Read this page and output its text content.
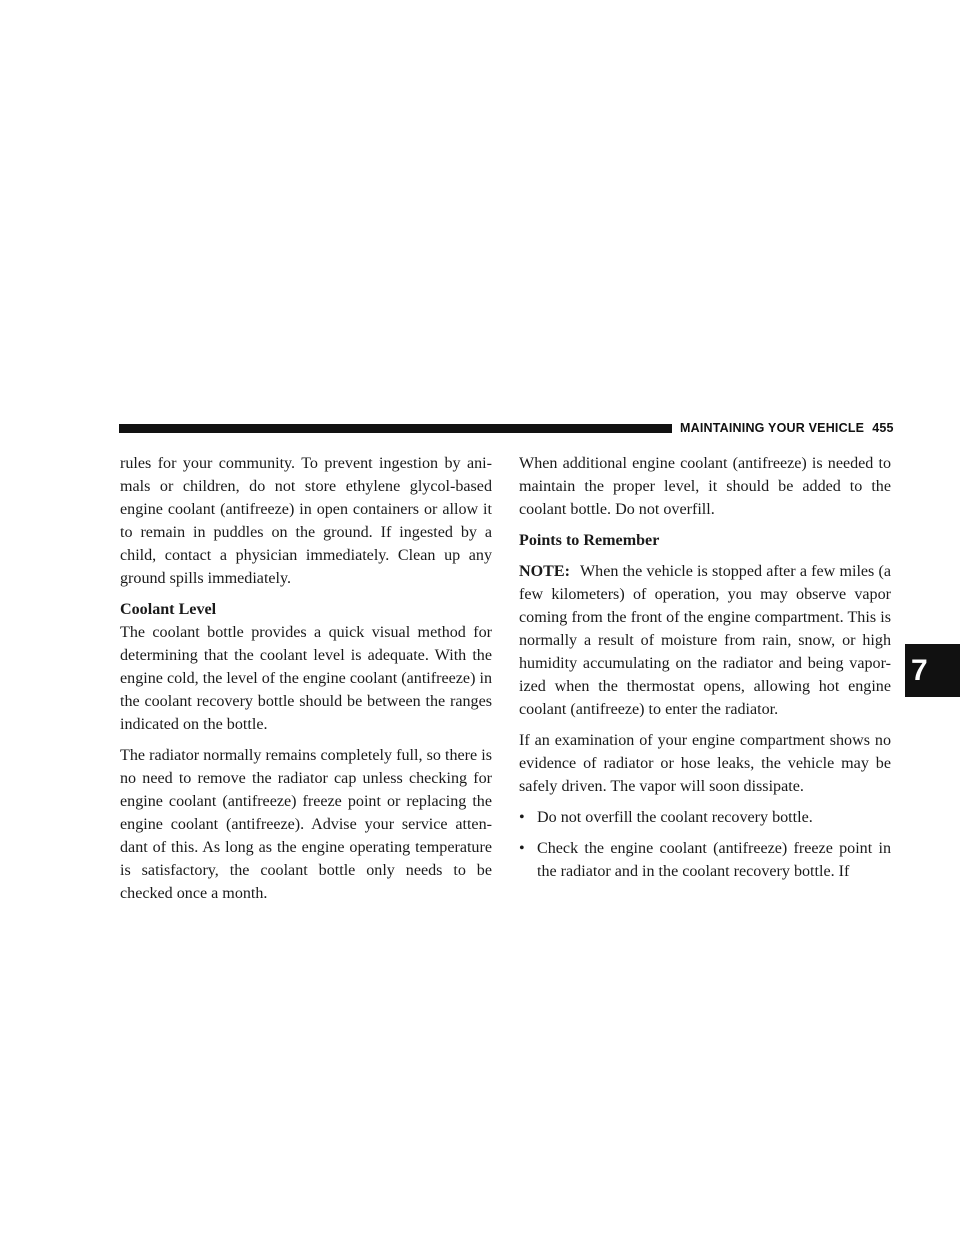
MAINTAINING YOUR VEHICLE 455

rules for your community. To prevent ingestion by ani-mals or children, do not store ethylene glycol-based engine coolant (antifreeze) in open containers or allow it to remain in puddles on the ground. If ingested by a child, contact a physician immediately. Clean up any ground spills immediately.

Coolant Level

The coolant bottle provides a quick visual method for determining that the coolant level is adequate. With the engine cold, the level of the engine coolant (antifreeze) in the coolant recovery bottle should be between the ranges indicated on the bottle.

The radiator normally remains completely full, so there is no need to remove the radiator cap unless checking for engine coolant (antifreeze) freeze point or replacing the engine coolant (antifreeze). Advise your service atten-dant of this. As long as the engine operating temperature is satisfactory, the coolant bottle only needs to be checked once a month.

When additional engine coolant (antifreeze) is needed to maintain the proper level, it should be added to the coolant bottle. Do not overfill.

Points to Remember

NOTE: When the vehicle is stopped after a few miles (a few kilometers) of operation, you may observe vapor coming from the front of the engine compartment. This is normally a result of moisture from rain, snow, or high humidity accumulating on the radiator and being vapor-ized when the thermostat opens, allowing hot engine coolant (antifreeze) to enter the radiator.

If an examination of your engine compartment shows no evidence of radiator or hose leaks, the vehicle may be safely driven. The vapor will soon dissipate.

• Do not overfill the coolant recovery bottle.
• Check the engine coolant (antifreeze) freeze point in the radiator and in the coolant recovery bottle. If
7
